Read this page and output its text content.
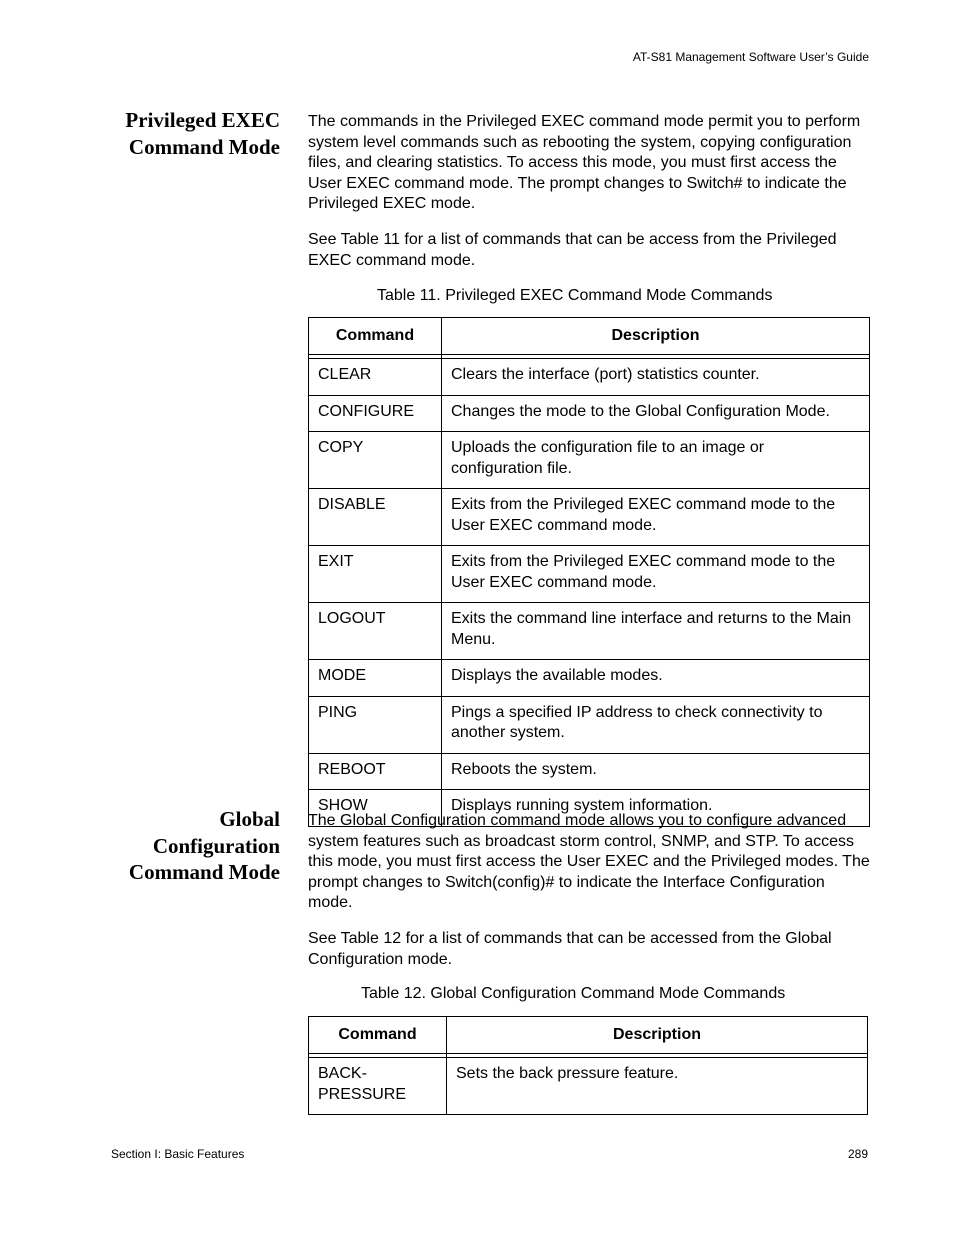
AT-S81 Management Software User’s Guide
Privileged EXEC
Command Mode

The commands in the Privileged EXEC command mode permit you to perform system level commands such as rebooting the system, copying configuration files, and clearing statistics. To access this mode, you must first access the User EXEC command mode. The prompt changes to Switch# to indicate the Privileged EXEC mode.

See Table 11 for a list of commands that can be access from the Privileged EXEC command mode.

Table 11. Privileged EXEC Command Mode Commands
Command	Description

CLEAR	Clears the interface (port) statistics counter.
CONFIGURE	Changes the mode to the Global Configuration Mode.
COPY	Uploads the configuration file to an image or configuration file.
DISABLE	Exits from the Privileged EXEC command mode to the User EXEC command mode.
EXIT	Exits from the Privileged EXEC command mode to the User EXEC command mode.
LOGOUT	Exits the command line interface and returns to the Main Menu.
MODE	Displays the available modes.
PING	Pings a specified IP address to check connectivity to another system.
REBOOT	Reboots the system.
SHOW	Displays running system information.
Global
Configuration
Command Mode

The Global Configuration command mode allows you to configure advanced system features such as broadcast storm control, SNMP, and STP. To access this mode, you must first access the User EXEC and the Privileged modes. The prompt changes to Switch(config)# to indicate the Interface Configuration mode.

See Table 12 for a list of commands that can be accessed from the Global Configuration mode.

Table 12. Global Configuration Command Mode Commands
Command	Description

BACK-
PRESSURE	Sets the back pressure feature.
Section I: Basic Features	289
